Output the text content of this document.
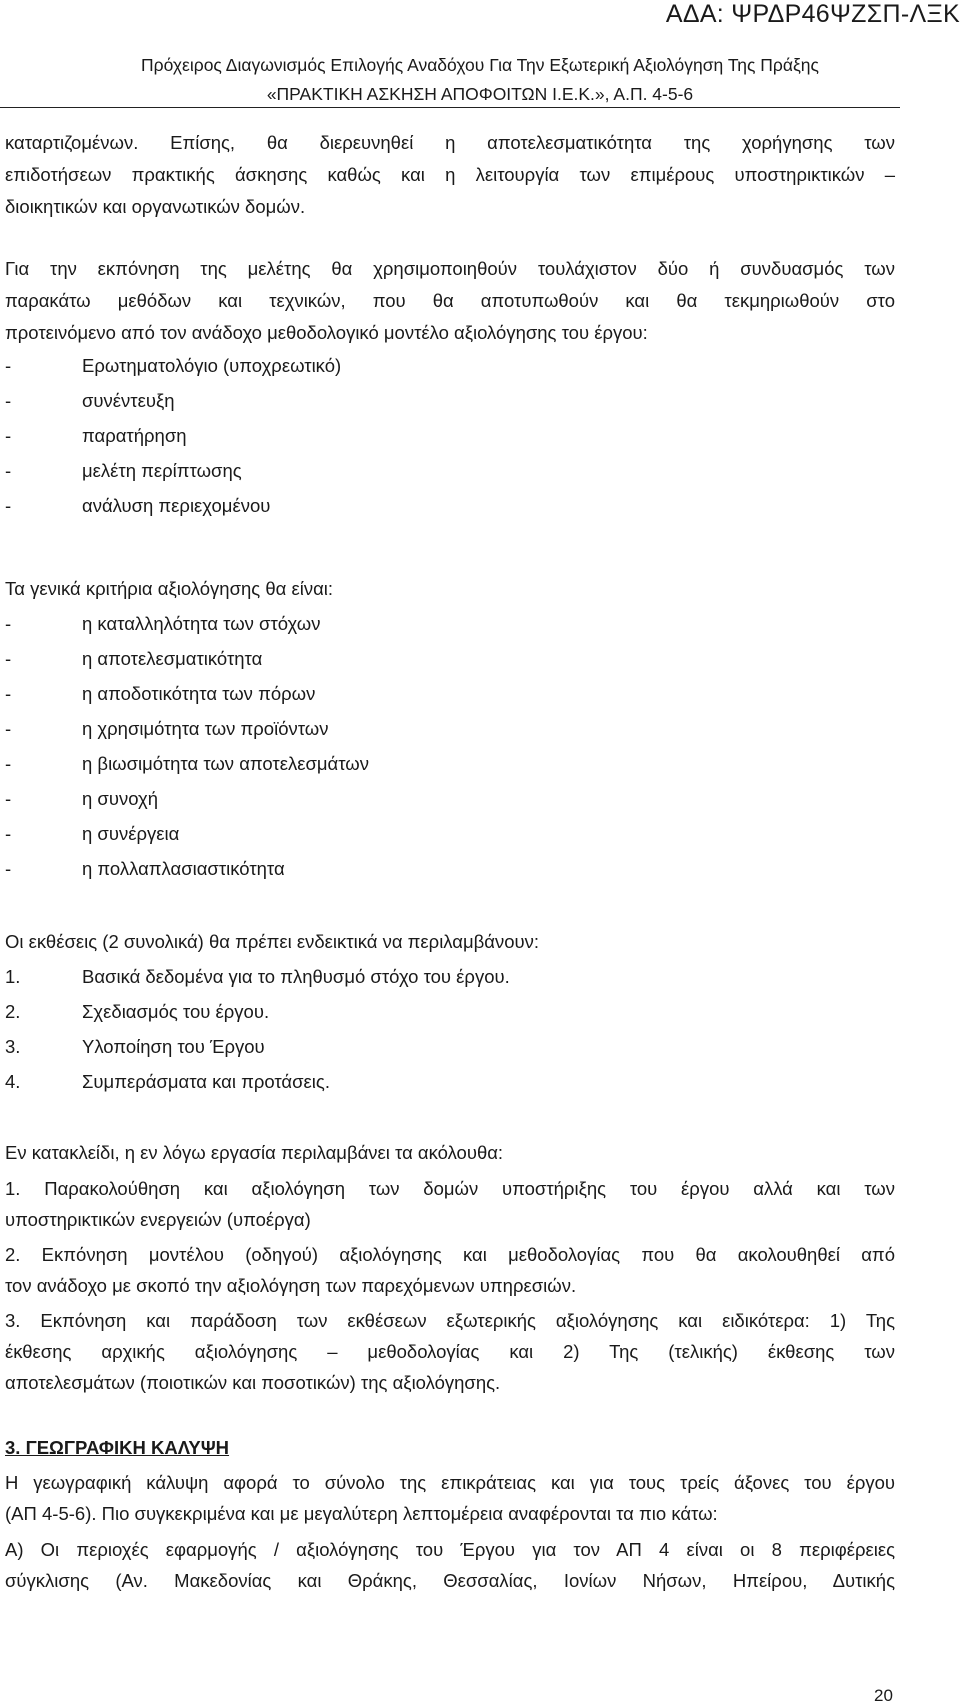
ΑΔΑ: ΨΡΔΡ46ΨΖΣΠ-ΛΞΚ
Πρόχειρος Διαγωνισμός Επιλογής Αναδόχου Για Την Εξωτερική Αξιολόγηση Της Πράξης
«ΠΡΑΚΤΙΚΗ ΑΣΚΗΣΗ ΑΠΟΦΟΙΤΩΝ Ι.Ε.Κ.», Α.Π. 4-5-6
καταρτιζομένων. Επίσης, θα διερευνηθεί η αποτελεσματικότητα της χορήγησης των
επιδοτήσεων πρακτικής άσκησης καθώς και η λειτουργία των επιμέρους υποστηρικτικών –
διοικητικών και οργανωτικών δομών.
Για την εκπόνηση της μελέτης θα χρησιμοποιηθούν τουλάχιστον δύο ή συνδυασμός των
παρακάτω μεθόδων και τεχνικών, που θα αποτυπωθούν και θα τεκμηριωθούν στο
προτεινόμενο από τον ανάδοχο μεθοδολογικό μοντέλο αξιολόγησης του έργου:
-	Ερωτηματολόγιο (υποχρεωτικό)
-	συνέντευξη
-	παρατήρηση
-	μελέτη περίπτωσης
-	ανάλυση περιεχομένου
Τα γενικά κριτήρια αξιολόγησης θα είναι:
-	η καταλληλότητα των στόχων
-	η αποτελεσματικότητα
-	η αποδοτικότητα των πόρων
-	η χρησιμότητα των προϊόντων
-	η βιωσιμότητα των αποτελεσμάτων
-	η συνοχή
-	η συνέργεια
-	η πολλαπλασιαστικότητα
Οι εκθέσεις (2 συνολικά) θα πρέπει ενδεικτικά να περιλαμβάνουν:
1.	Βασικά δεδομένα για το πληθυσμό στόχο του έργου.
2.	Σχεδιασμός του έργου.
3.	Υλοποίηση του Έργου
4.	Συμπεράσματα και προτάσεις.
Εν κατακλείδι, η εν λόγω εργασία περιλαμβάνει τα ακόλουθα:
1. Παρακολούθηση και αξιολόγηση των δομών υποστήριξης του έργου αλλά και των
υποστηρικτικών ενεργειών (υποέργα)
2. Εκπόνηση μοντέλου (οδηγού) αξιολόγησης και μεθοδολογίας που θα ακολουθηθεί από
τον ανάδοχο με σκοπό την αξιολόγηση των παρεχόμενων υπηρεσιών.
3. Εκπόνηση και παράδοση των εκθέσεων εξωτερικής αξιολόγησης και ειδικότερα: 1) Της
έκθεσης αρχικής αξιολόγησης – μεθοδολογίας και 2) Της (τελικής) έκθεσης των
αποτελεσμάτων (ποιοτικών και ποσοτικών) της αξιολόγησης.
3. ΓΕΩΓΡΑΦΙΚΗ ΚΑΛΥΨΗ
Η γεωγραφική κάλυψη αφορά το σύνολο της επικράτειας και για τους τρείς άξονες του έργου
(ΑΠ 4-5-6). Πιο συγκεκριμένα και με μεγαλύτερη λεπτομέρεια αναφέρονται τα πιο κάτω:
Α) Οι περιοχές εφαρμογής / αξιολόγησης του Έργου για τον ΑΠ 4 είναι οι 8 περιφέρειες
σύγκλισης (Αν. Μακεδονίας και Θράκης, Θεσσαλίας, Ιονίων Νήσων, Ηπείρου, Δυτικής
20
